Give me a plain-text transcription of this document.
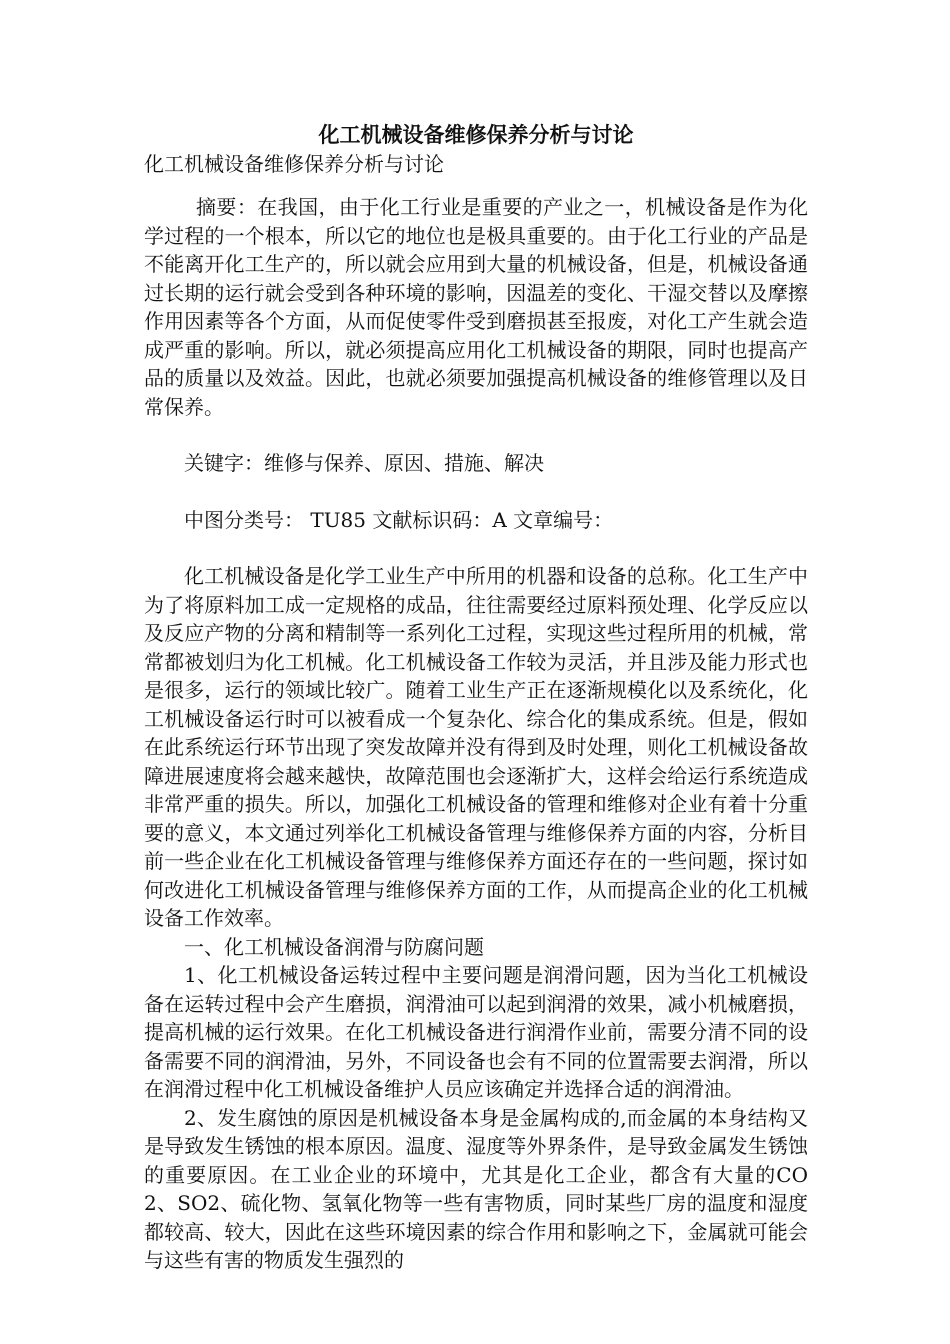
化工机械设备维修保养分析与讨论
化工机械设备维修保养分析与讨论

摘要：在我国，由于化工行业是重要的产业之一，机械设备是作为化学过程的一个根本，所以它的地位也是极具重要的。由于化工行业的产品是不能离开化工生产的，所以就会应用到大量的机械设备，但是，机械设备通过长期的运行就会受到各种环境的影响，因温差的变化、干湿交替以及摩擦作用因素等各个方面，从而促使零件受到磨损甚至报废，对化工产生就会造成严重的影响。所以，就必须提高应用化工机械设备的期限，同时也提高产品的质量以及效益。因此，也就必须要加强提高机械设备的维修管理以及日常保养。

关键字：维修与保养、原因、措施、解决

中图分类号： TU85 文献标识码：A 文章编号：

化工机械设备是化学工业生产中所用的机器和设备的总称。化工生产中为了将原料加工成一定规格的成品，往往需要经过原料预处理、化学反应以及反应产物的分离和精制等一系列化工过程，实现这些过程所用的机械，常常都被划归为化工机械。化工机械设备工作较为灵活，并且涉及能力形式也是很多，运行的领域比较广。随着工业生产正在逐渐规模化以及系统化，化工机械设备运行时可以被看成一个复杂化、综合化的集成系统。但是，假如在此系统运行环节出现了突发故障并没有得到及时处理，则化工机械设备故障进展速度将会越来越快，故障范围也会逐渐扩大，这样会给运行系统造成非常严重的损失。所以，加强化工机械设备的管理和维修对企业有着十分重要的意义，本文通过列举化工机械设备管理与维修保养方面的内容，分析目前一些企业在化工机械设备管理与维修保养方面还存在的一些问题，探讨如何改进化工机械设备管理与维修保养方面的工作，从而提高企业的化工机械设备工作效率。

一、化工机械设备润滑与防腐问题

1、化工机械设备运转过程中主要问题是润滑问题，因为当化工机械设备在运转过程中会产生磨损，润滑油可以起到润滑的效果，减小机械磨损，提高机械的运行效果。在化工机械设备进行润滑作业前，需要分清不同的设备需要不同的润滑油，另外，不同设备也会有不同的位置需要去润滑，所以在润滑过程中化工机械设备维护人员应该确定并选择合适的润滑油。

2、发生腐蚀的原因是机械设备本身是金属构成的,而金属的本身结构又是导致发生锈蚀的根本原因。温度、湿度等外界条件，是导致金属发生锈蚀的重要原因。在工业企业的环境中，尤其是化工企业，都含有大量的CO2、SO2、硫化物、氢氧化物等一些有害物质，同时某些厂房的温度和湿度都较高、较大，因此在这些环境因素的综合作用和影响之下，金属就可能会与这些有害的物质发生强烈的
